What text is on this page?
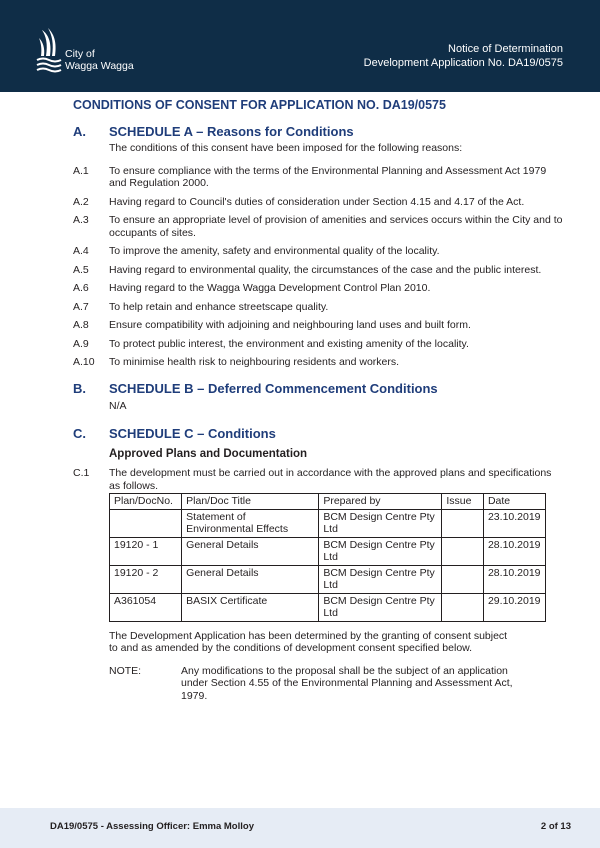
City of
Wagga Wagga
Notice of Determination
Development Application No. DA19/0575
CONDITIONS OF CONSENT FOR APPLICATION NO. DA19/0575
A.	SCHEDULE A – Reasons for Conditions
The conditions of this consent have been imposed for the following reasons:
A.1	To ensure compliance with the terms of the Environmental Planning and Assessment Act 1979 and Regulation 2000.
A.2	Having regard to Council's duties of consideration under Section 4.15 and 4.17 of the Act.
A.3	To ensure an appropriate level of provision of amenities and services occurs within the City and to occupants of sites.
A.4	To improve the amenity, safety and environmental quality of the locality.
A.5	Having regard to environmental quality, the circumstances of the case and the public interest.
A.6	Having regard to the Wagga Wagga Development Control Plan 2010.
A.7	To help retain and enhance streetscape quality.
A.8	Ensure compatibility with adjoining and neighbouring land uses and built form.
A.9	To protect public interest, the environment and existing amenity of the locality.
A.10	To minimise health risk to neighbouring residents and workers.
B.	SCHEDULE B – Deferred Commencement Conditions
N/A
C.	SCHEDULE C – Conditions
Approved Plans and Documentation
C.1	The development must be carried out in accordance with the approved plans and specifications as follows.
Plan/DocNo.	Plan/Doc Title	Prepared by	Issue	Date
	Statement of Environmental Effects	BCM Design Centre Pty Ltd		23.10.2019
19120 - 1	General Details	BCM Design Centre Pty Ltd		28.10.2019
19120 - 2	General Details	BCM Design Centre Pty Ltd		28.10.2019
A361054	BASIX Certificate	BCM Design Centre Pty Ltd		29.10.2019
The Development Application has been determined by the granting of consent subject to and as amended by the conditions of development consent specified below.
NOTE:	Any modifications to the proposal shall be the subject of an application under Section 4.55 of the Environmental Planning and Assessment Act, 1979.
DA19/0575 - Assessing Officer: Emma Molloy	2 of 13
